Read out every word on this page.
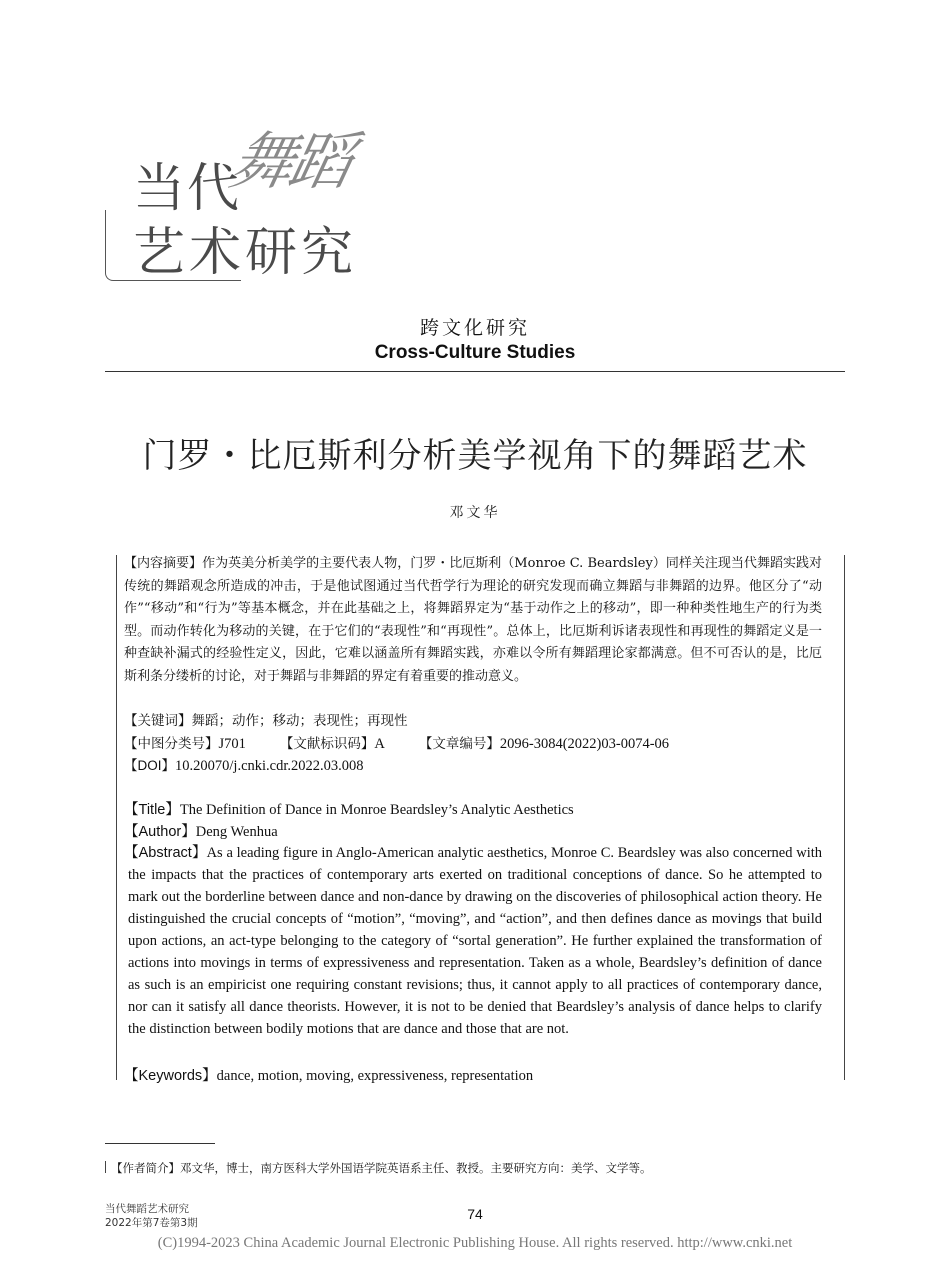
当代
舞蹈
艺术研究
跨文化研究
Cross-Culture Studies
门罗・比厄斯利分析美学视角下的舞蹈艺术
邓文华
【内容摘要】作为英美分析美学的主要代表人物，门罗・比厄斯利（Monroe C. Beardsley）同样关注现当代舞蹈实践对传统的舞蹈观念所造成的冲击，于是他试图通过当代哲学行为理论的研究发现而确立舞蹈与非舞蹈的边界。他区分了“动作”“移动”和“行为”等基本概念，并在此基础之上，将舞蹈界定为“基于动作之上的移动”，即一种种类性地生产的行为类型。而动作转化为移动的关键，在于它们的“表现性”和“再现性”。总体上，比厄斯利诉诸表现性和再现性的舞蹈定义是一种查缺补漏式的经验性定义，因此，它难以涵盖所有舞蹈实践，亦难以令所有舞蹈理论家都满意。但不可否认的是，比厄斯利条分缕析的讨论，对于舞蹈与非舞蹈的界定有着重要的推动意义。
【关键词】舞蹈；动作；移动；表现性；再现性
【中图分类号】J701	【文献标识码】A	【文章编号】2096-3084(2022)03-0074-06
【DOI】10.20070/j.cnki.cdr.2022.03.008
【Title】The Definition of Dance in Monroe Beardsley’s Analytic Aesthetics
【Author】Deng Wenhua
【Abstract】As a leading figure in Anglo-American analytic aesthetics, Monroe C. Beardsley was also concerned with the impacts that the practices of contemporary arts exerted on traditional conceptions of dance. So he attempted to mark out the borderline between dance and non-dance by drawing on the discoveries of philosophical action theory. He distinguished the crucial concepts of “motion”, “moving”, and “action”, and then defines dance as movings that build upon actions, an act-type belonging to the category of “sortal generation”. He further explained the transformation of actions into movings in terms of expressiveness and representation. Taken as a whole, Beardsley’s definition of dance as such is an empiricist one requiring constant revisions; thus, it cannot apply to all practices of contemporary dance, nor can it satisfy all dance theorists. However, it is not to be denied that Beardsley’s analysis of dance helps to clarify the distinction between bodily motions that are dance and those that are not.
【Keywords】dance, motion, moving, expressiveness, representation
【作者简介】邓文华，博士，南方医科大学外国语学院英语系主任、教授。主要研究方向：美学、文学等。
当代舞蹈艺术研究
2022年第7卷第3期
74
(C)1994-2023 China Academic Journal Electronic Publishing House. All rights reserved. http://www.cnki.net
